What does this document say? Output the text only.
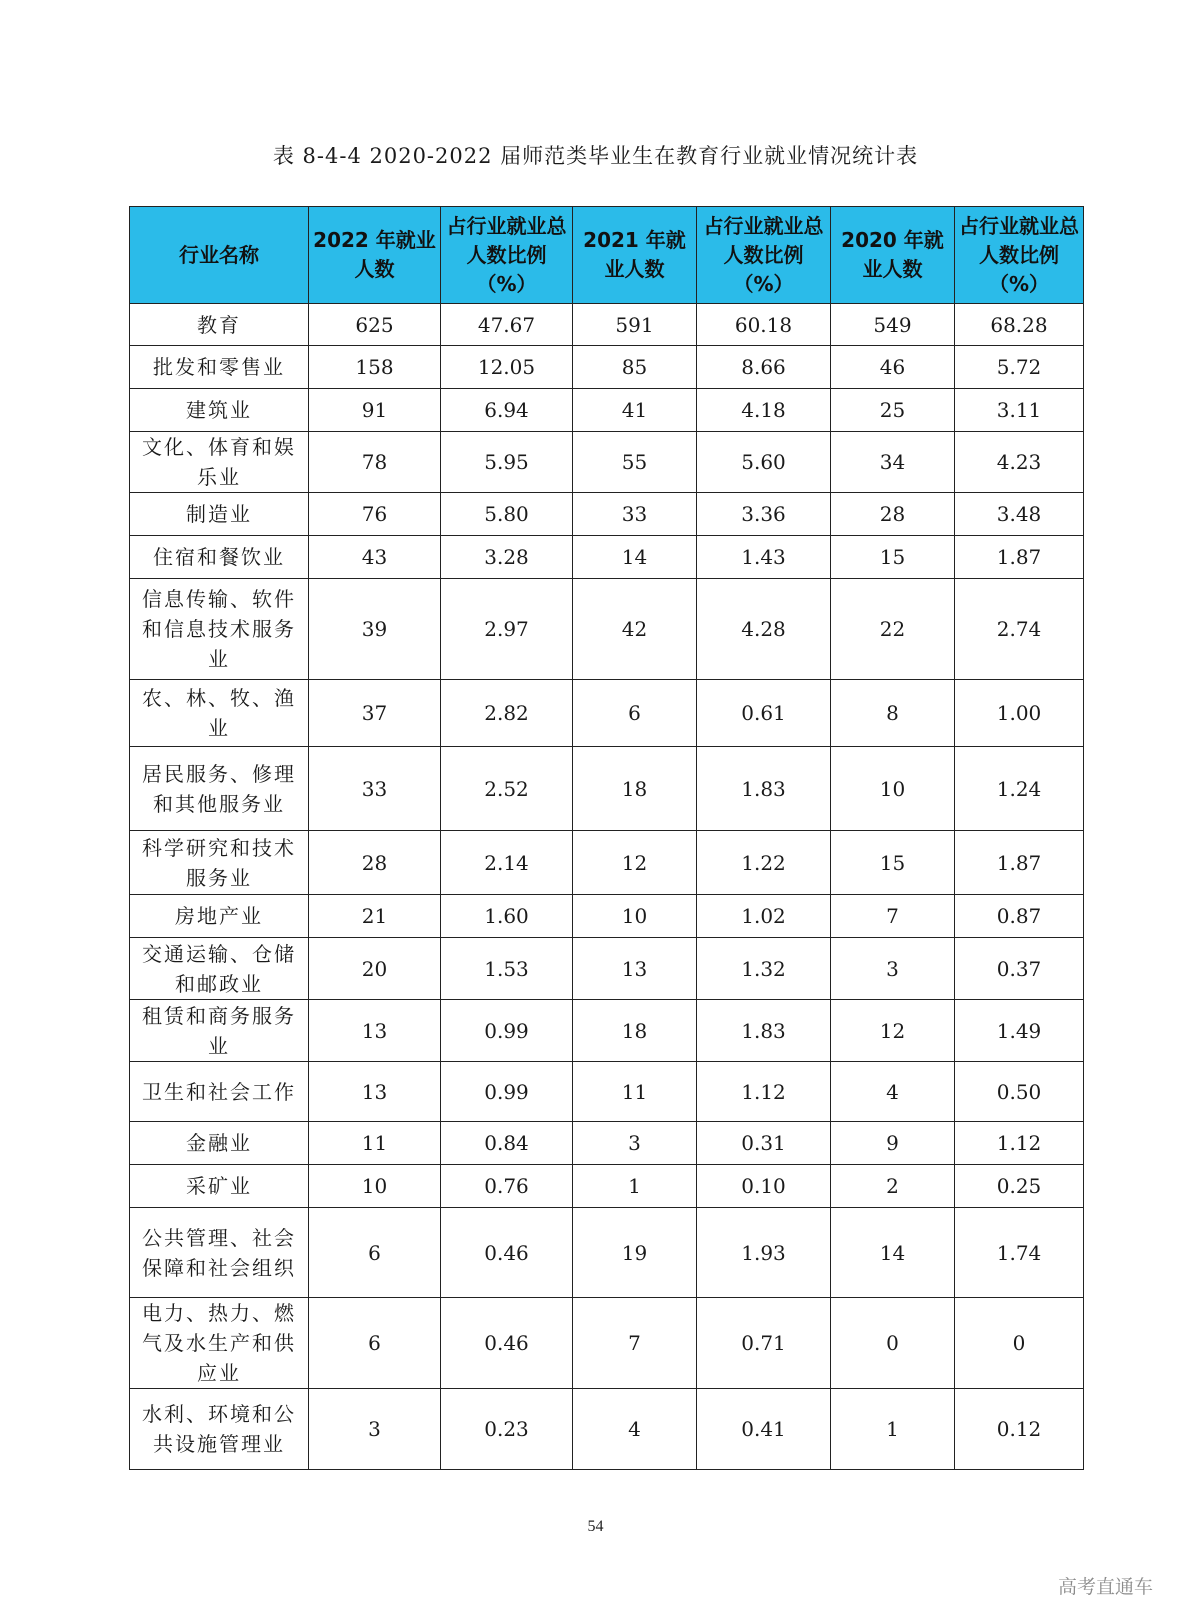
表 8-4-4 2020-2022 届师范类毕业生在教育行业就业情况统计表
行业名称	2022 年就业人数	占行业就业总人数比例（%）	2021 年就业人数	占行业就业总人数比例（%）	2020 年就业人数	占行业就业总人数比例（%）
教育	625	47.67	591	60.18	549	68.28
批发和零售业	158	12.05	85	8.66	46	5.72
建筑业	91	6.94	41	4.18	25	3.11
文化、体育和娱乐业	78	5.95	55	5.60	34	4.23
制造业	76	5.80	33	3.36	28	3.48
住宿和餐饮业	43	3.28	14	1.43	15	1.87
信息传输、软件和信息技术服务业	39	2.97	42	4.28	22	2.74
农、林、牧、渔业	37	2.82	6	0.61	8	1.00
居民服务、修理和其他服务业	33	2.52	18	1.83	10	1.24
科学研究和技术服务业	28	2.14	12	1.22	15	1.87
房地产业	21	1.60	10	1.02	7	0.87
交通运输、仓储和邮政业	20	1.53	13	1.32	3	0.37
租赁和商务服务业	13	0.99	18	1.83	12	1.49
卫生和社会工作	13	0.99	11	1.12	4	0.50
金融业	11	0.84	3	0.31	9	1.12
采矿业	10	0.76	1	0.10	2	0.25
公共管理、社会保障和社会组织	6	0.46	19	1.93	14	1.74
电力、热力、燃气及水生产和供应业	6	0.46	7	0.71	0	0
水利、环境和公共设施管理业	3	0.23	4	0.41	1	0.12
54
高考直通车
